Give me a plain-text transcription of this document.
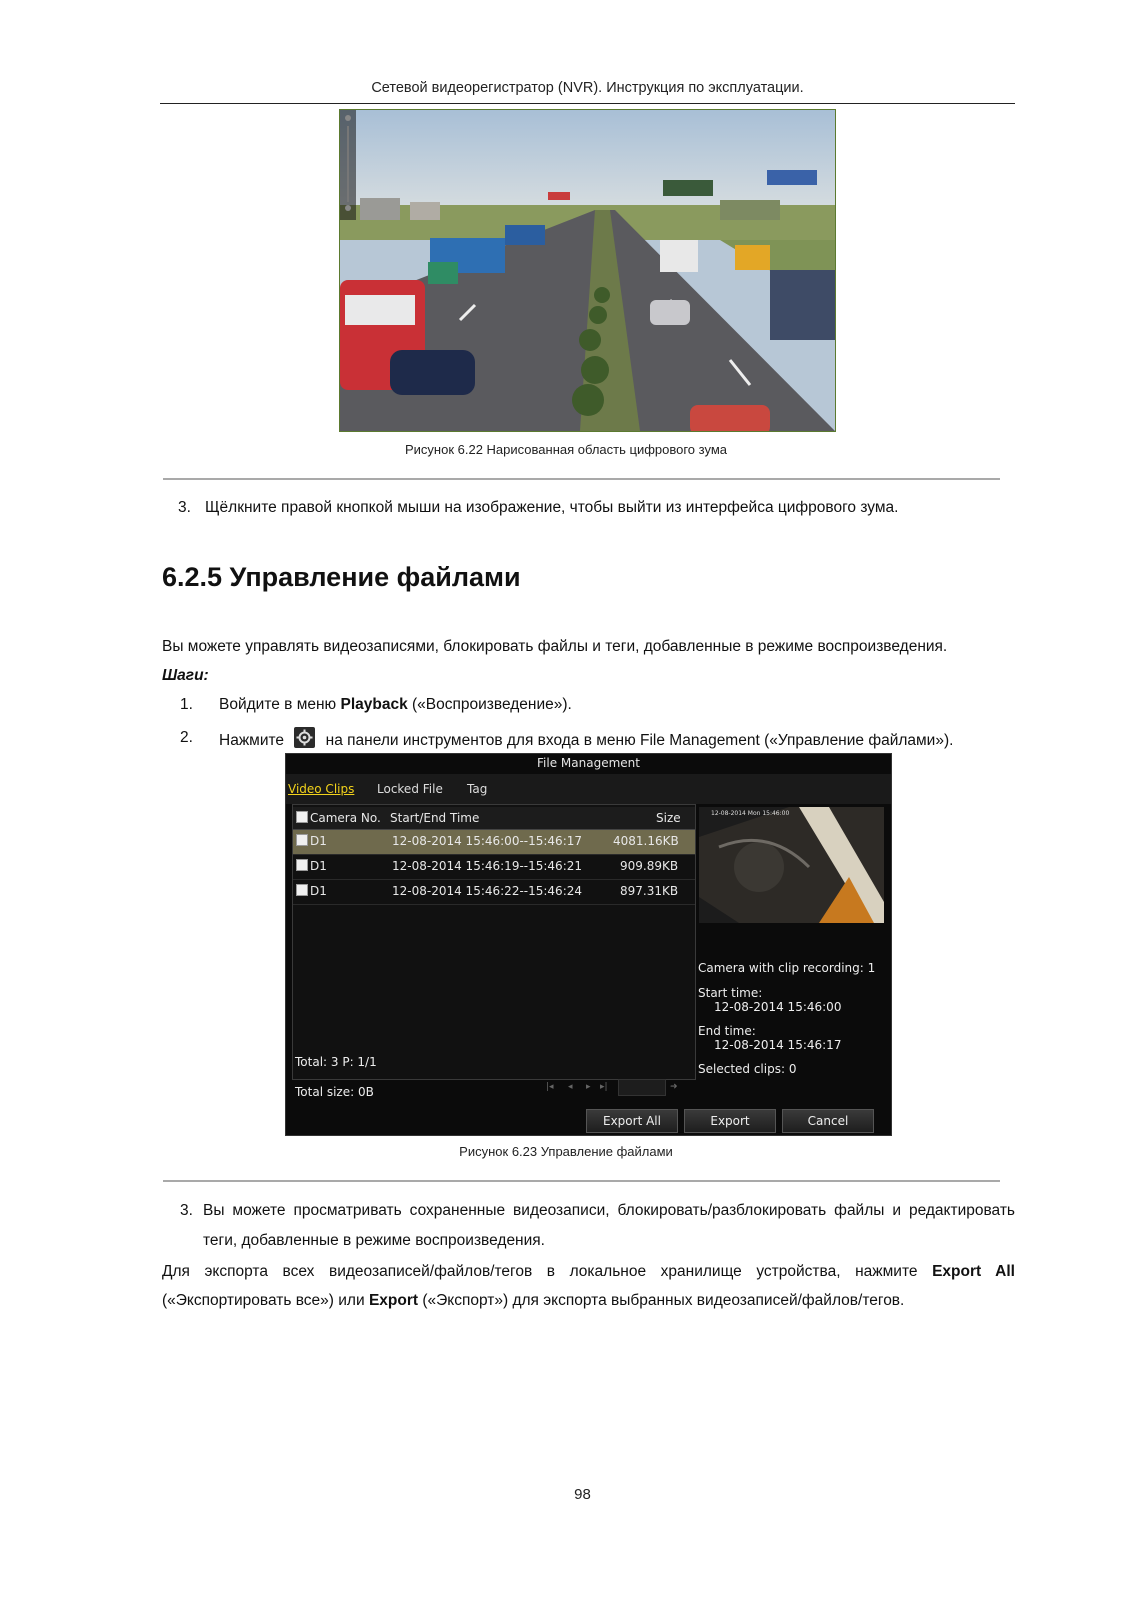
Сетевой видеорегистратор (NVR). Инструкция по эксплуатации.
Рисунок 6.22 Нарисованная область цифрового зума
3. Щёлкните правой кнопкой мыши на изображение, чтобы выйти из интерфейса цифрового зума.
6.2.5 Управление файлами
Вы можете управлять видеозаписями, блокировать файлы и теги, добавленные в режиме воспроизведения.
Шаги:
1. Войдите в меню Playback («Воспроизведение»).
2. Нажмите	на панели инструментов для входа в меню File Management («Управление файлами»).
File Management
Video Clips Locked File Tag
Camera No. Start/End Time	Size
D1	12-08-2014 15:46:00--15:46:17	4081.16KB
D1	12-08-2014 15:46:19--15:46:21	909.89KB
D1	12-08-2014 15:46:22--15:46:24	897.31KB
12-08-2014 Mon 15:46:00
Camera with clip recording: 1
Start time:
12-08-2014 15:46:00
End time:
12-08-2014 15:46:17
Selected clips: 0
Total: 3 P: 1/1
|◂ ◂ ▸ ▸|	➜
Total size: 0B
Export All	Export	Cancel
Рисунок 6.23 Управление файлами
3. Вы можете просматривать сохраненные видеозаписи, блокировать/разблокировать файлы и редактировать
теги, добавленные в режиме воспроизведения.
Для экспорта всех видеозаписей/файлов/тегов в локальное хранилище устройства, нажмите Export All
(«Экспортировать все») или Export («Экспорт») для экспорта выбранных видеозаписей/файлов/тегов.
98
